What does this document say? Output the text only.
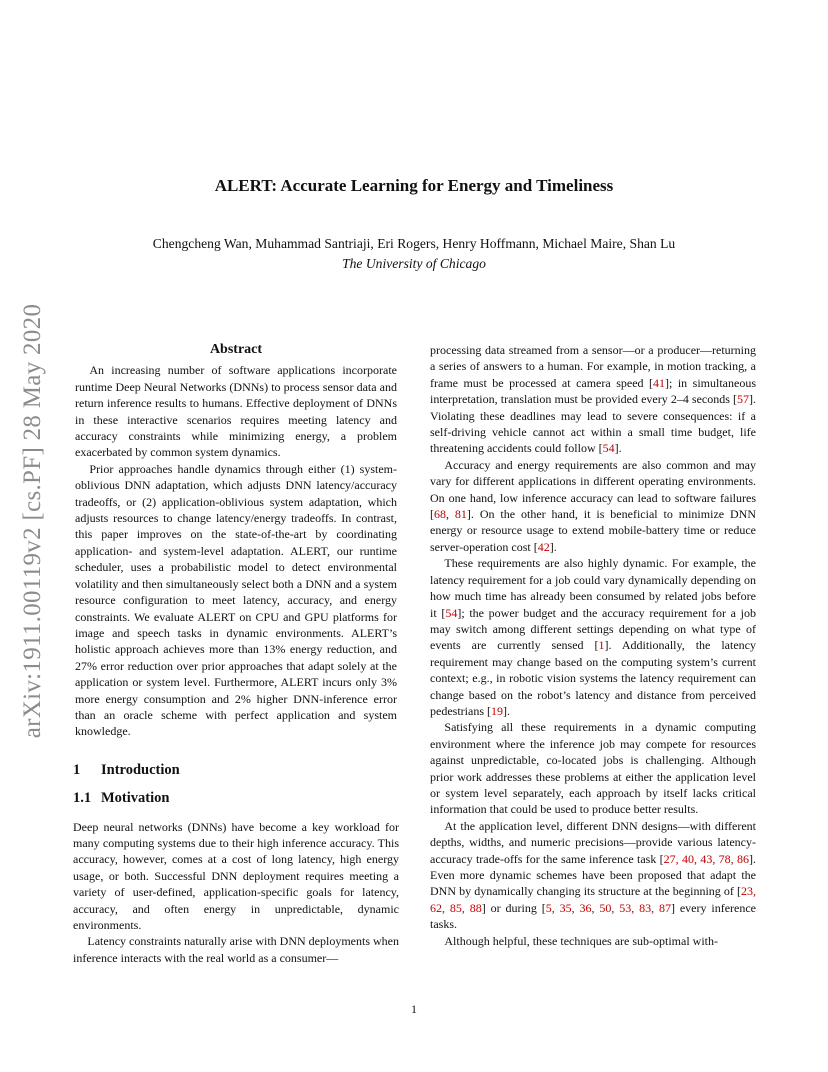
arXiv:1911.00119v2 [cs.PF] 28 May 2020
ALERT: Accurate Learning for Energy and Timeliness
Chengcheng Wan, Muhammad Santriaji, Eri Rogers, Henry Hoffmann, Michael Maire, Shan Lu
The University of Chicago
Abstract

An increasing number of software applications incorporate runtime Deep Neural Networks (DNNs) to process sensor data and return inference results to humans. Effective deployment of DNNs in these interactive scenarios requires meeting latency and accuracy constraints while minimizing energy, a problem exacerbated by common system dynamics.

Prior approaches handle dynamics through either (1) system-oblivious DNN adaptation, which adjusts DNN latency/accuracy tradeoffs, or (2) application-oblivious system adaptation, which adjusts resources to change latency/energy tradeoffs. In contrast, this paper improves on the state-of-the-art by coordinating application- and system-level adaptation. ALERT, our runtime scheduler, uses a probabilistic model to detect environmental volatility and then simultaneously select both a DNN and a system resource configuration to meet latency, accuracy, and energy constraints. We evaluate ALERT on CPU and GPU platforms for image and speech tasks in dynamic environments. ALERT’s holistic approach achieves more than 13% energy reduction, and 27% error reduction over prior approaches that adapt solely at the application or system level. Furthermore, ALERT incurs only 3% more energy consumption and 2% higher DNN-inference error than an oracle scheme with perfect application and system knowledge.

1 Introduction
1.1 Motivation

Deep neural networks (DNNs) have become a key workload for many computing systems due to their high inference accuracy. This accuracy, however, comes at a cost of long latency, high energy usage, or both. Successful DNN deployment requires meeting a variety of user-defined, application-specific goals for latency, accuracy, and often energy in unpredictable, dynamic environments.

Latency constraints naturally arise with DNN deployments when inference interacts with the real world as a consumer—

processing data streamed from a sensor—or a producer—returning a series of answers to a human. For example, in motion tracking, a frame must be processed at camera speed [41]; in simultaneous interpretation, translation must be provided every 2–4 seconds [57]. Violating these deadlines may lead to severe consequences: if a self-driving vehicle cannot act within a small time budget, life threatening accidents could follow [54].

Accuracy and energy requirements are also common and may vary for different applications in different operating environments. On one hand, low inference accuracy can lead to software failures [68, 81]. On the other hand, it is beneficial to minimize DNN energy or resource usage to extend mobile-battery time or reduce server-operation cost [42].

These requirements are also highly dynamic. For example, the latency requirement for a job could vary dynamically depending on how much time has already been consumed by related jobs before it [54]; the power budget and the accuracy requirement for a job may switch among different settings depending on what type of events are currently sensed [1]. Additionally, the latency requirement may change based on the computing system’s current context; e.g., in robotic vision systems the latency requirement can change based on the robot’s latency and distance from perceived pedestrians [19].

Satisfying all these requirements in a dynamic computing environment where the inference job may compete for resources against unpredictable, co-located jobs is challenging. Although prior work addresses these problems at either the application level or system level separately, each approach by itself lacks critical information that could be used to produce better results.

At the application level, different DNN designs—with different depths, widths, and numeric precisions—provide various latency-accuracy trade-offs for the same inference task [27, 40, 43, 78, 86]. Even more dynamic schemes have been proposed that adapt the DNN by dynamically changing its structure at the beginning of [23, 62, 85, 88] or during [5, 35, 36, 50, 53, 83, 87] every inference tasks.

Although helpful, these techniques are sub-optimal with-

1
